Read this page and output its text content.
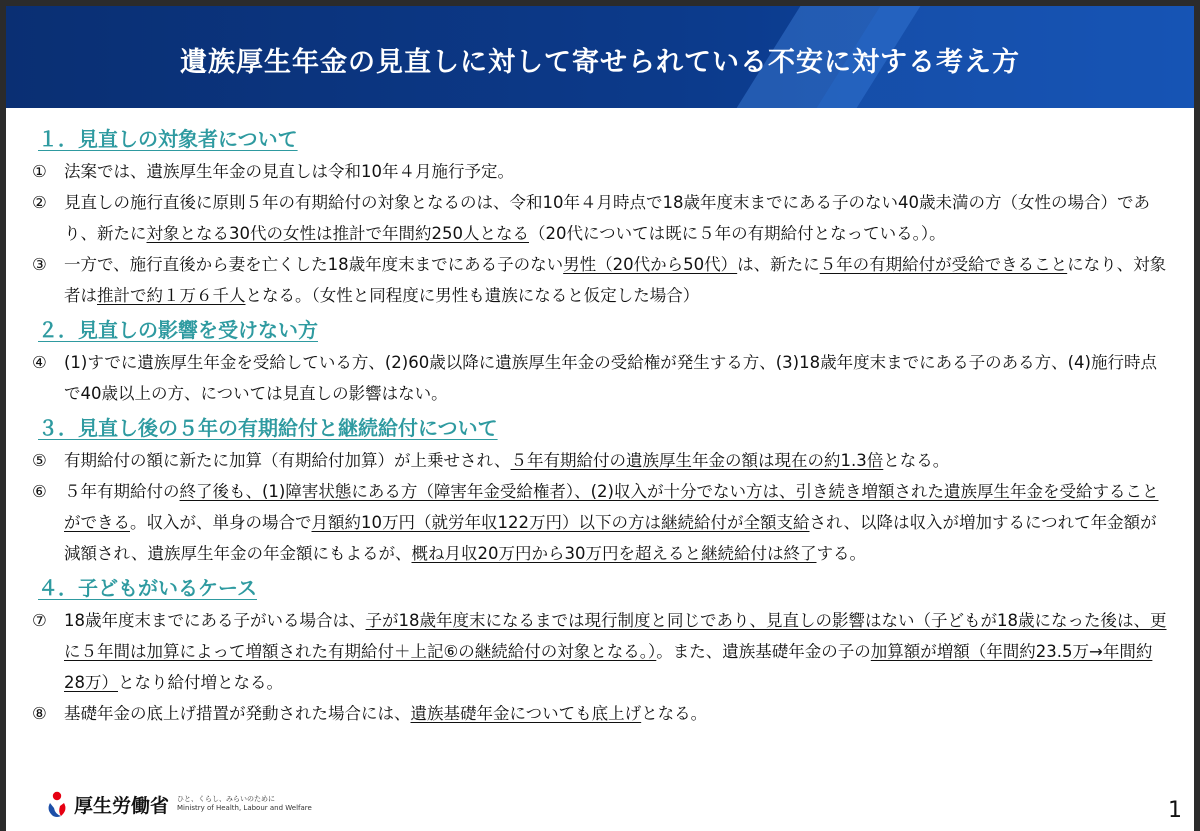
遺族厚生年金の見直しに対して寄せられている不安に対する考え方
１．見直しの対象者について
①	法案では、遺族厚生年金の見直しは令和10年４月施行予定。
②	見直しの施行直後に原則５年の有期給付の対象となるのは、令和10年４月時点で18歳年度末までにある子のない40歳未満の方（女性の場合）であり、新たに対象となる30代の女性は推計で年間約250人となる（20代については既に５年の有期給付となっている。）。
③	一方で、施行直後から妻を亡くした18歳年度末までにある子のない男性（20代から50代）は、新たに５年の有期給付が受給できることになり、対象者は推計で約１万６千人となる。（女性と同程度に男性も遺族になると仮定した場合）
２．見直しの影響を受けない方
④	(1)すでに遺族厚生年金を受給している方、(2)60歳以降に遺族厚生年金の受給権が発生する方、(3)18歳年度末までにある子のある方、(4)施行時点で40歳以上の方、については見直しの影響はない。
３．見直し後の５年の有期給付と継続給付について
⑤	有期給付の額に新たに加算（有期給付加算）が上乗せされ、５年有期給付の遺族厚生年金の額は現在の約1.3倍となる。
⑥	５年有期給付の終了後も、(1)障害状態にある方（障害年金受給権者）、(2)収入が十分でない方は、引き続き増額された遺族厚生年金を受給することができる。収入が、単身の場合で月額約10万円（就労年収122万円）以下の方は継続給付が全額支給され、以降は収入が増加するにつれて年金額が減額され、遺族厚生年金の年金額にもよるが、概ね月収20万円から30万円を超えると継続給付は終了する。
４．子どもがいるケース
⑦	18歳年度末までにある子がいる場合は、子が18歳年度末になるまでは現行制度と同じであり、見直しの影響はない（子どもが18歳になった後は、更に５年間は加算によって増額された有期給付＋上記⑥の継続給付の対象となる。）。また、遺族基礎年金の子の加算額が増額（年間約23.5万→年間約28万）となり給付増となる。
⑧	基礎年金の底上げ措置が発動された場合には、遺族基礎年金についても底上げとなる。
厚生労働省 ひと、くらし、みらいのために
Ministry of Health, Labour and Welfare	1
